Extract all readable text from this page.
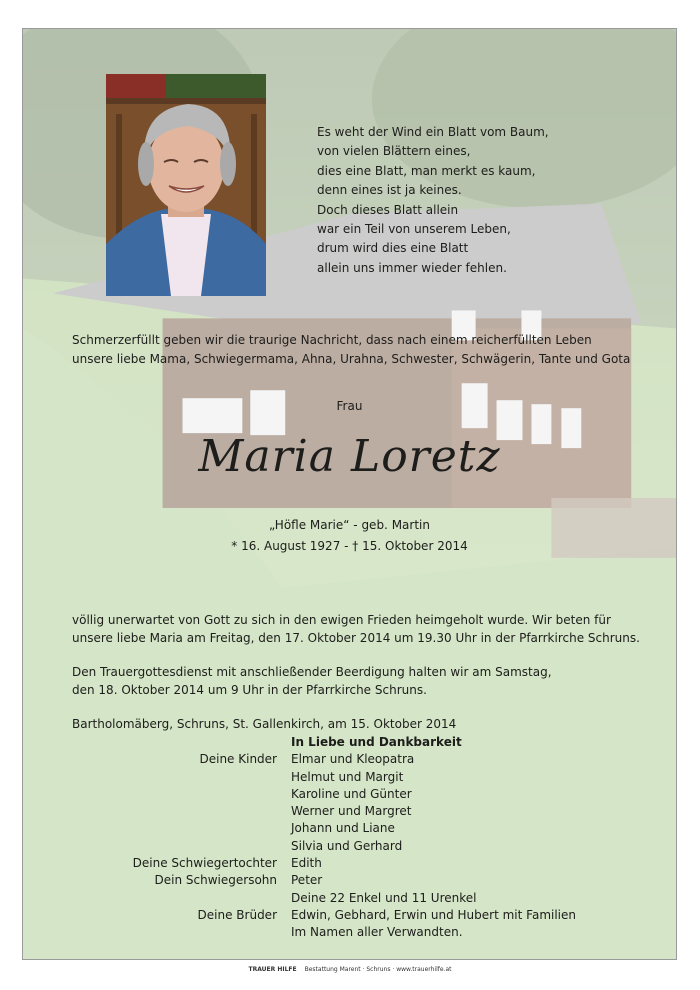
Es weht der Wind ein Blatt vom Baum,
von vielen Blättern eines,
dies eine Blatt, man merkt es kaum,
denn eines ist ja keines.
Doch dieses Blatt allein
war ein Teil von unserem Leben,
drum wird dies eine Blatt
allein uns immer wieder fehlen.
Schmerzerfüllt geben wir die traurige Nachricht, dass nach einem reicherfüllten Leben
unsere liebe Mama, Schwiegermama, Ahna, Urahna, Schwester, Schwägerin, Tante und Gota
Frau
Maria Loretz
„Höfle Marie“ - geb. Martin
* 16. August 1927 - † 15. Oktober 2014

völlig unerwartet von Gott zu sich in den ewigen Frieden heimgeholt wurde. Wir beten für
unsere liebe Maria am Freitag, den 17. Oktober 2014 um 19.30 Uhr in der Pfarrkirche Schruns.

Den Trauergottesdienst mit anschließender Beerdigung halten wir am Samstag,
den 18. Oktober 2014 um 9 Uhr in der Pfarrkirche Schruns.

Bartholomäberg, Schruns, St. Gallenkirch, am 15. Oktober 2014

In Liebe und Dankbarkeit
Deine Kinder	Elmar und Kleopatra
Helmut und Margit
Karoline und Günter
Werner und Margret
Johann und Liane
Silvia und Gerhard
Deine Schwiegertochter	Edith
Dein Schwiegersohn	Peter
Deine 22 Enkel und 11 Urenkel
Deine Brüder	Edwin, Gebhard, Erwin und Hubert mit Familien
Im Namen aller Verwandten.
TRAUER HILFE Bestattung Marent · Schruns · www.trauerhilfe.at
